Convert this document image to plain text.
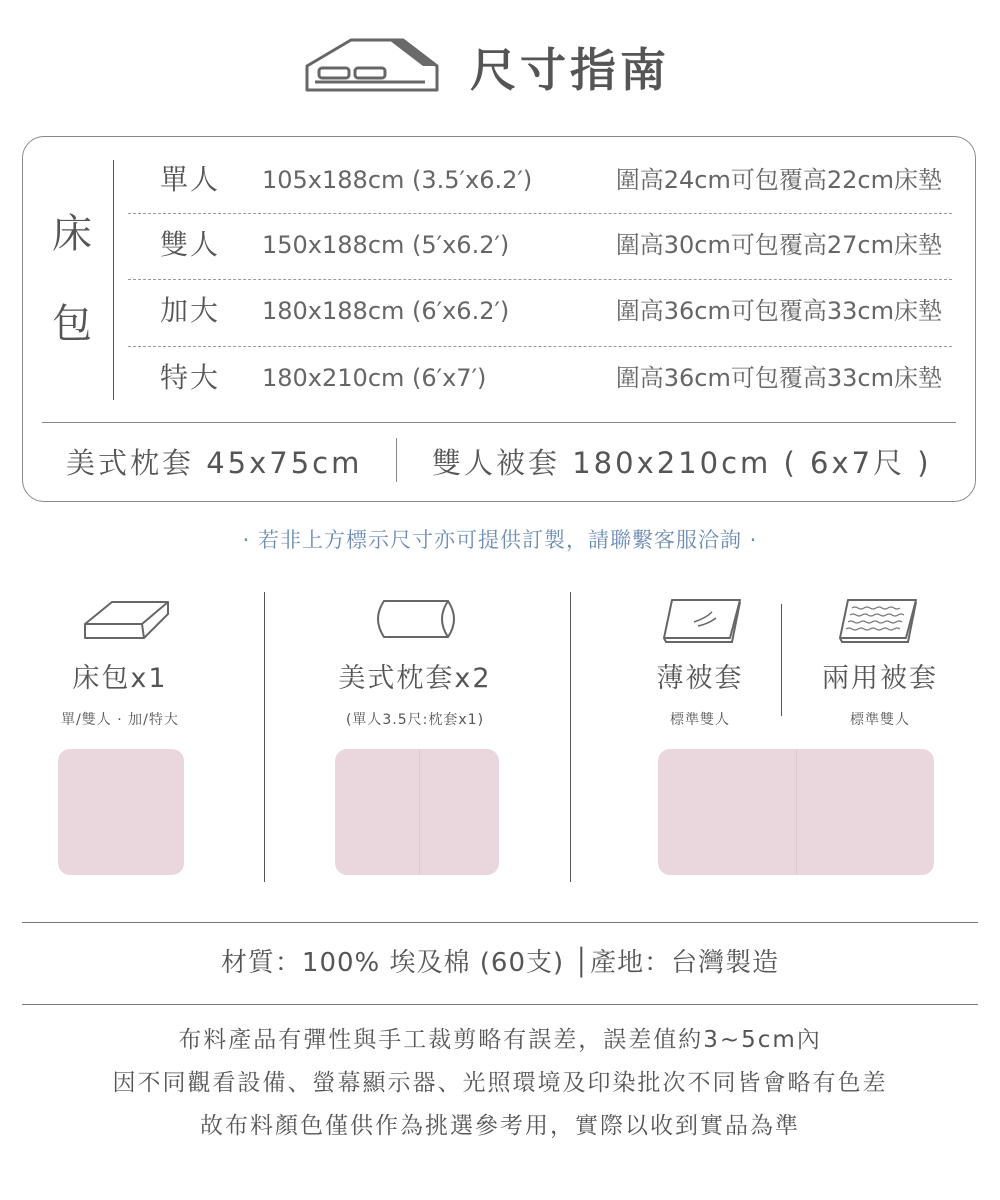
尺寸指南
床
包
單人 105x188cm (3.5′x6.2′)	圍高24cm可包覆高22cm床墊
雙人 150x188cm (5′x6.2′)	圍高30cm可包覆高27cm床墊
加大 180x188cm (6′x6.2′)	圍高36cm可包覆高33cm床墊
特大 180x210cm (6′x7′)	圍高36cm可包覆高33cm床墊
美式枕套 45x75cm 雙人被套 180x210cm ( 6x7尺 )
· 若非上方標示尺寸亦可提供訂製，請聯繫客服洽詢 ·
床包x1
單/雙人 · 加/特大
美式枕套x2
(單人3.5尺:枕套x1)
薄被套
標準雙人
兩用被套
標準雙人
材質：100% 埃及棉 (60支) │產地：台灣製造
布料產品有彈性與手工裁剪略有誤差，誤差值約3~5cm內
因不同觀看設備、螢幕顯示器、光照環境及印染批次不同皆會略有色差
故布料顏色僅供作為挑選參考用，實際以收到實品為準
